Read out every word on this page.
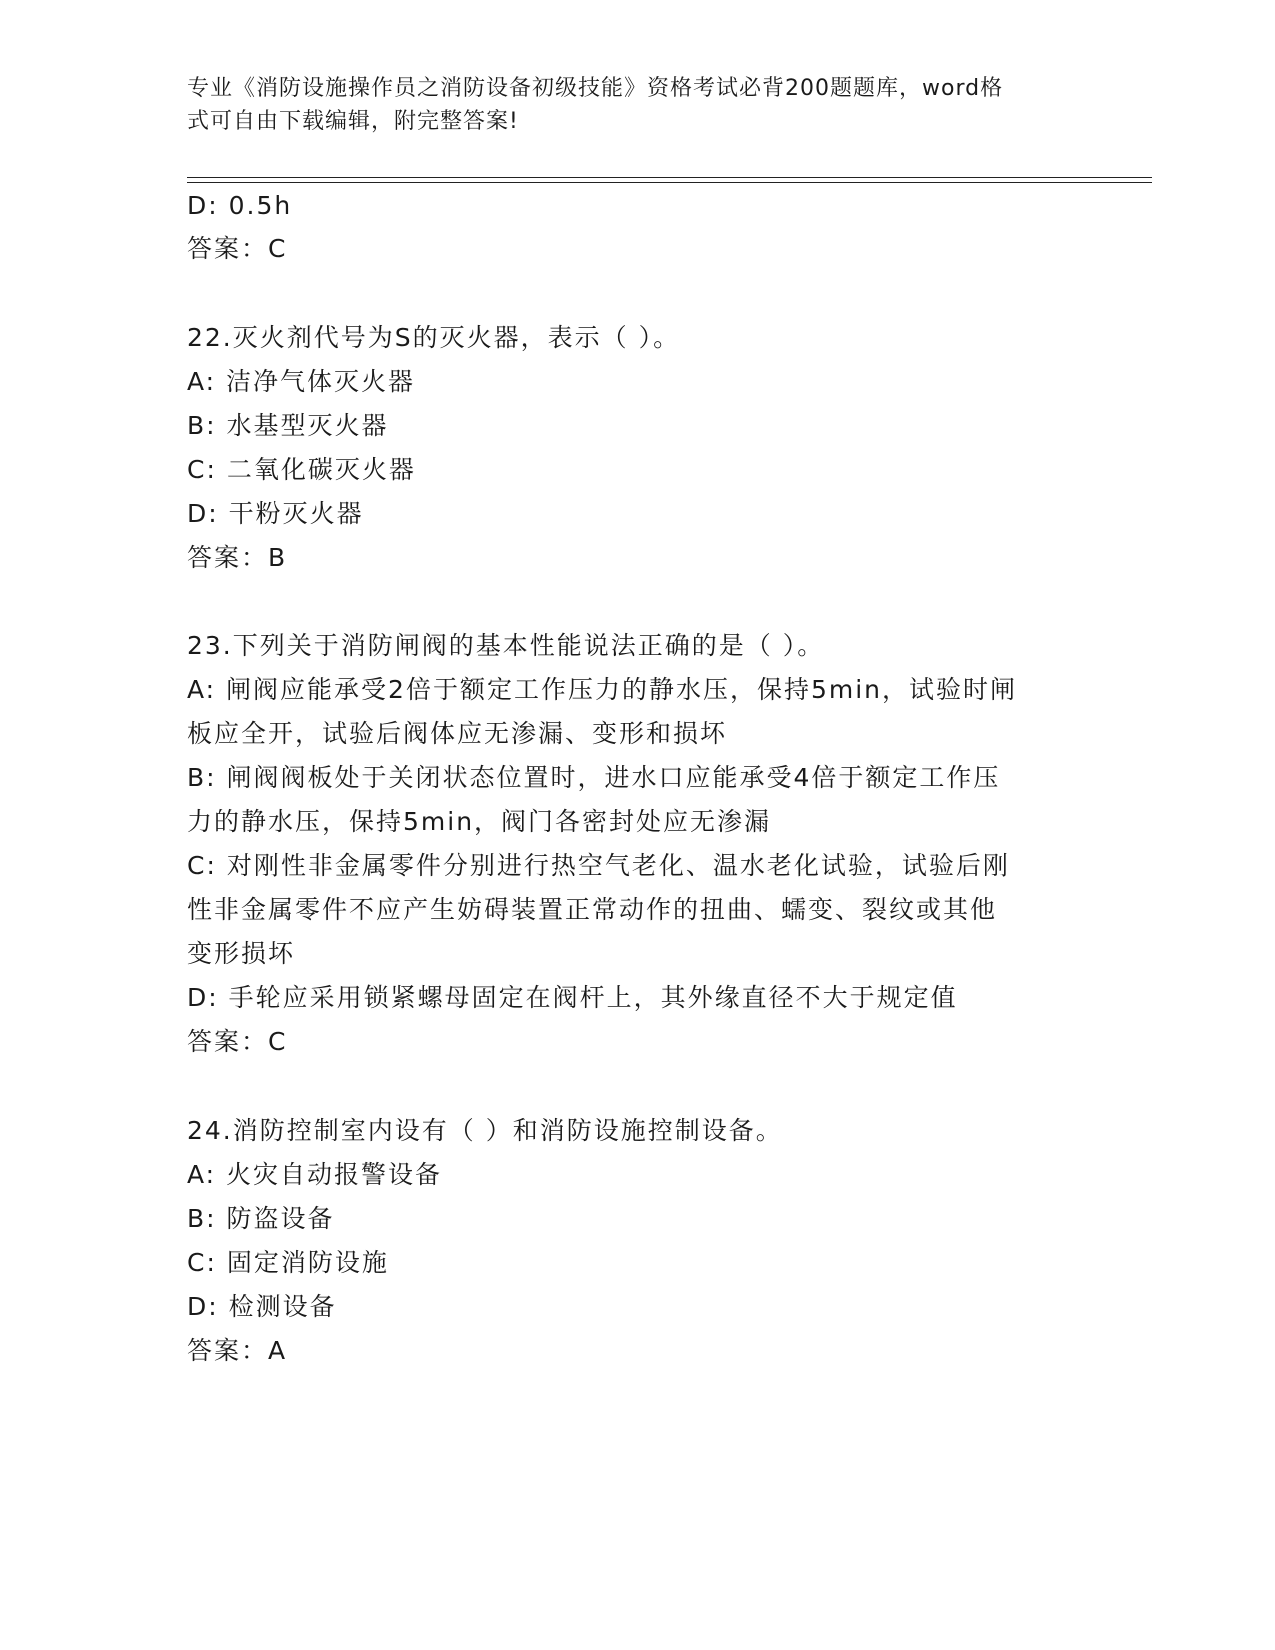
专业《消防设施操作员之消防设备初级技能》资格考试必背200题题库，word格
式可自由下载编辑，附完整答案!
D: 0.5h
答案：C
22.灭火剂代号为S的灭火器，表示（ ）。
A: 洁净气体灭火器
B: 水基型灭火器
C: 二氧化碳灭火器
D: 干粉灭火器
答案：B
23.下列关于消防闸阀的基本性能说法正确的是（ ）。
A: 闸阀应能承受2倍于额定工作压力的静水压，保持5min，试验时闸
板应全开，试验后阀体应无渗漏、变形和损坏
B: 闸阀阀板处于关闭状态位置时，进水口应能承受4倍于额定工作压
力的静水压，保持5min，阀门各密封处应无渗漏
C: 对刚性非金属零件分别进行热空气老化、温水老化试验，试验后刚
性非金属零件不应产生妨碍装置正常动作的扭曲、蠕变、裂纹或其他
变形损坏
D: 手轮应采用锁紧螺母固定在阀杆上，其外缘直径不大于规定值
答案：C
24.消防控制室内设有（ ）和消防设施控制设备。
A: 火灾自动报警设备
B: 防盗设备
C: 固定消防设施
D: 检测设备
答案：A
